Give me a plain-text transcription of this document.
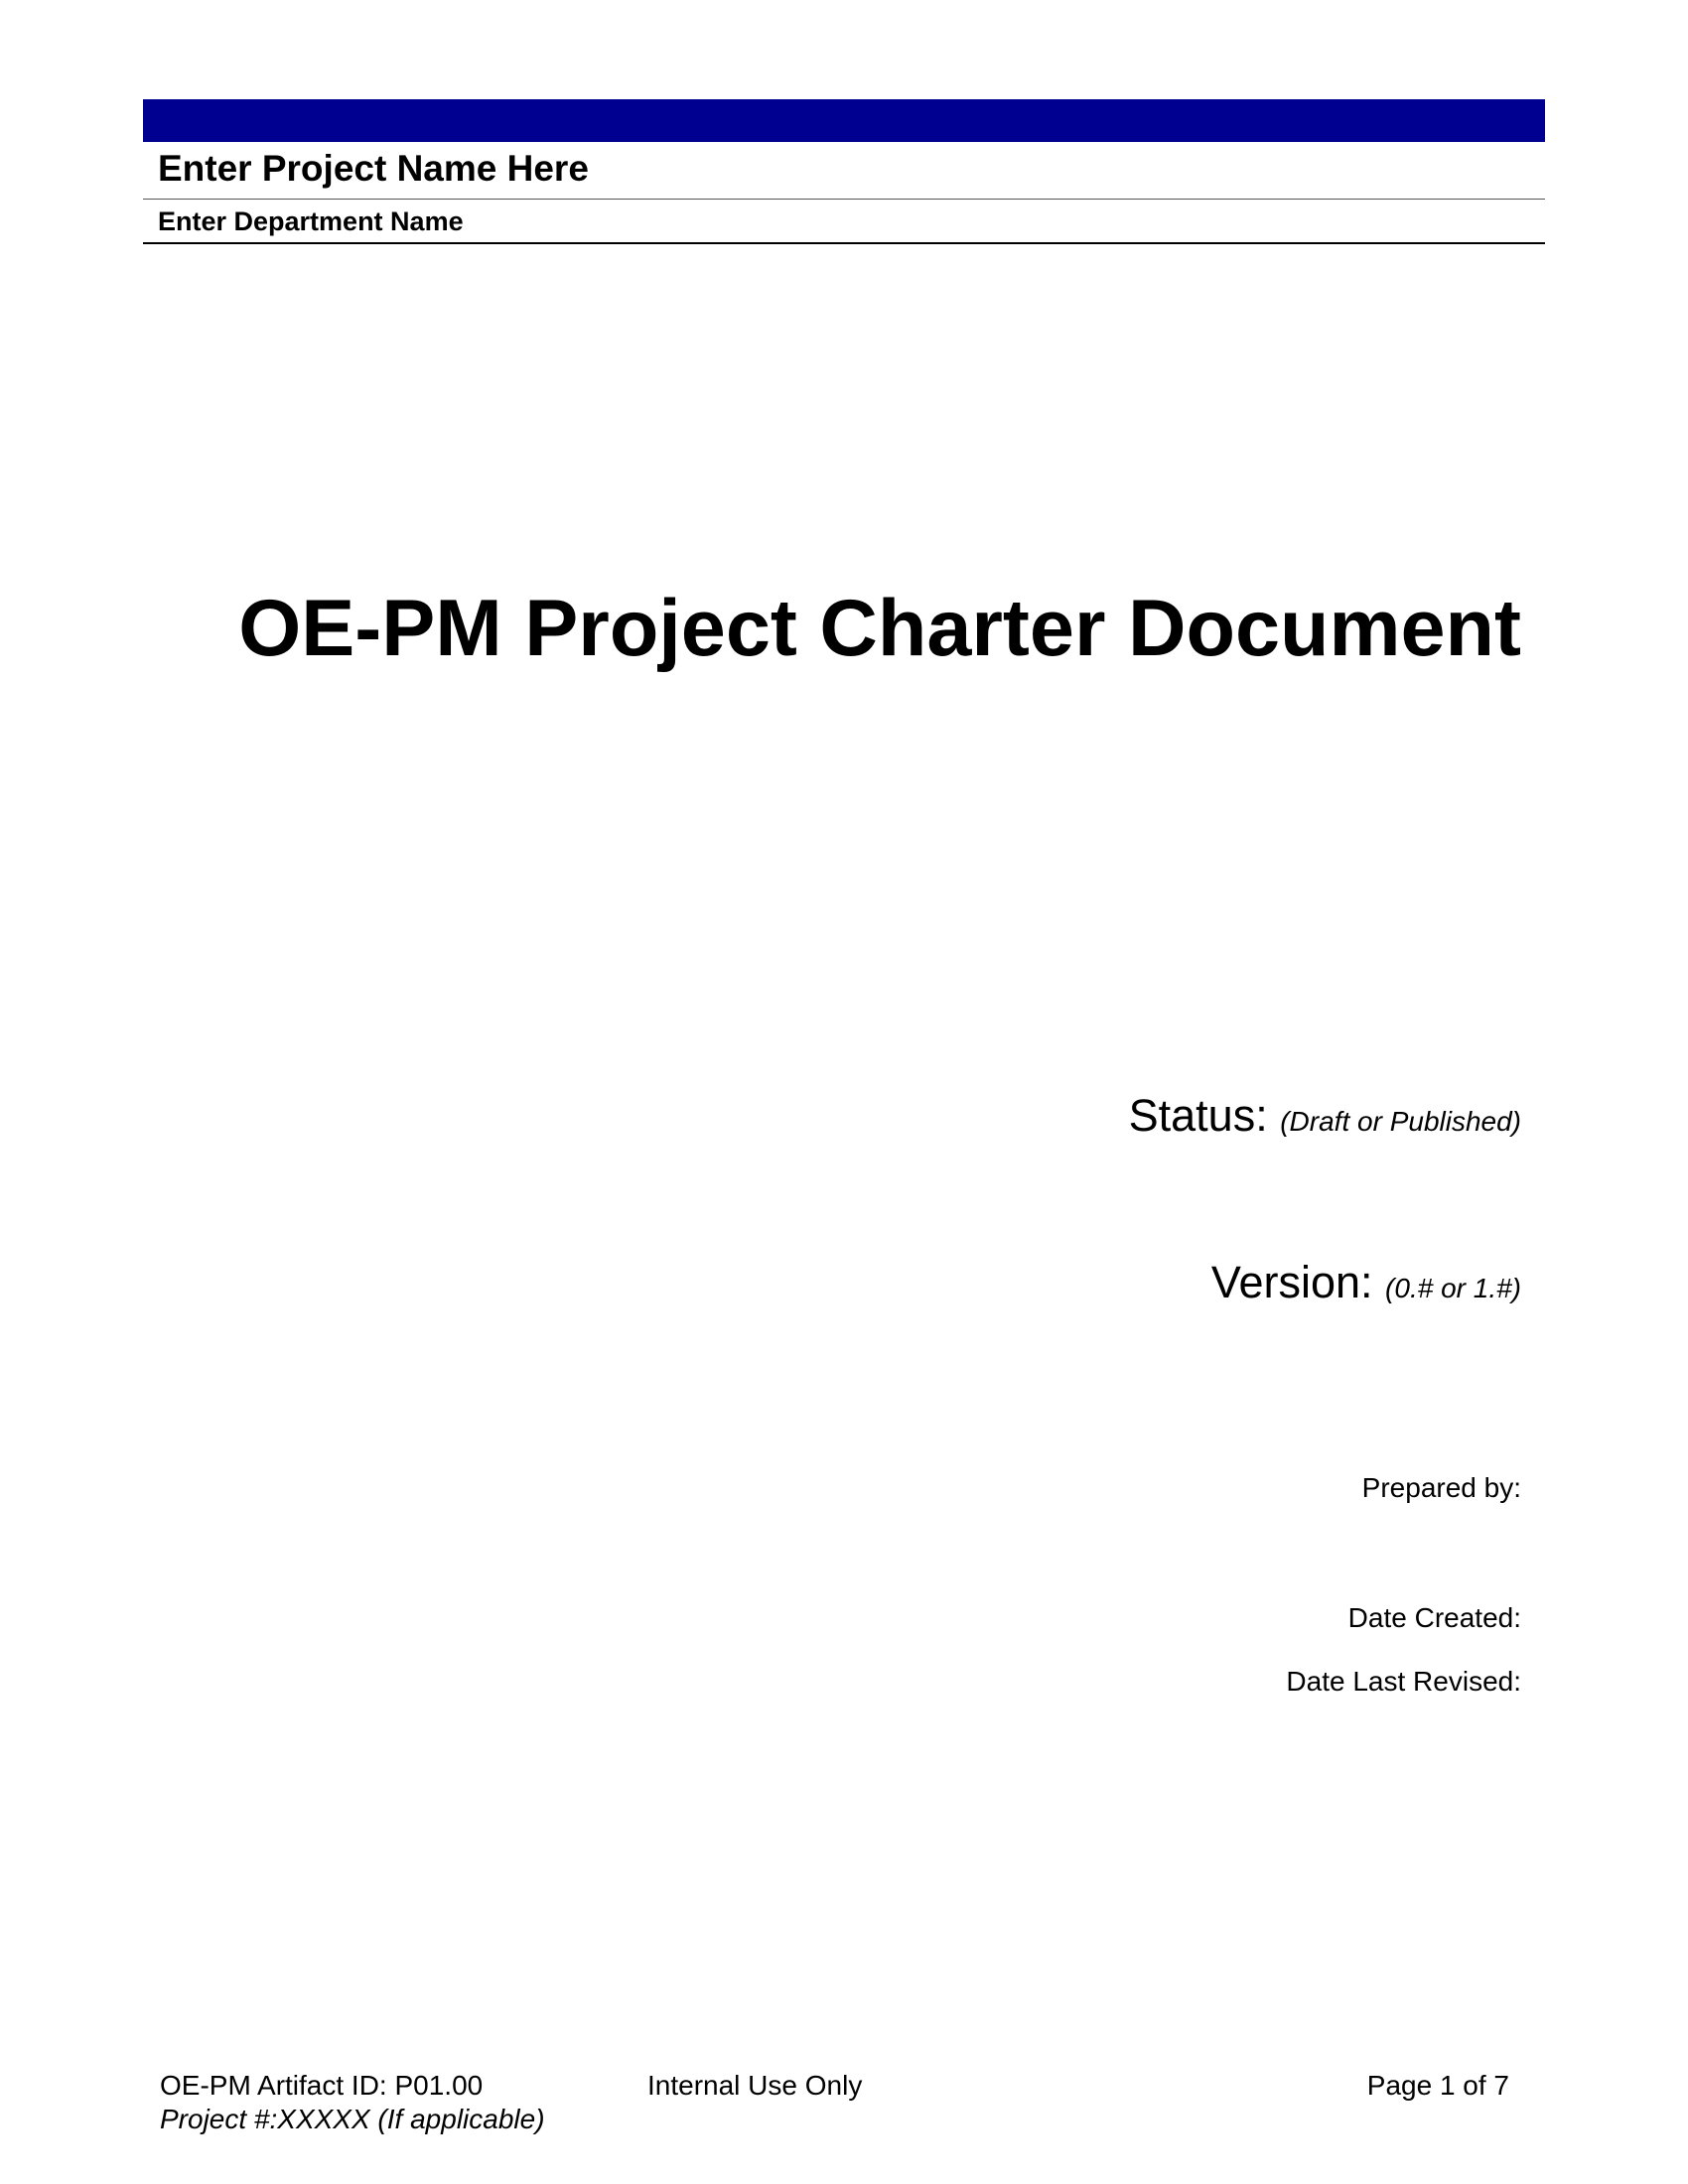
Enter Project Name Here
Enter Department Name
OE-PM Project Charter Document
Status: (Draft or Published)
Version: (0.# or 1.#)
Prepared by:
Date Created:
Date Last Revised:
OE-PM Artifact ID: P01.00
Project #:XXXXX (If applicable)
Internal Use Only	Page 1 of 7
